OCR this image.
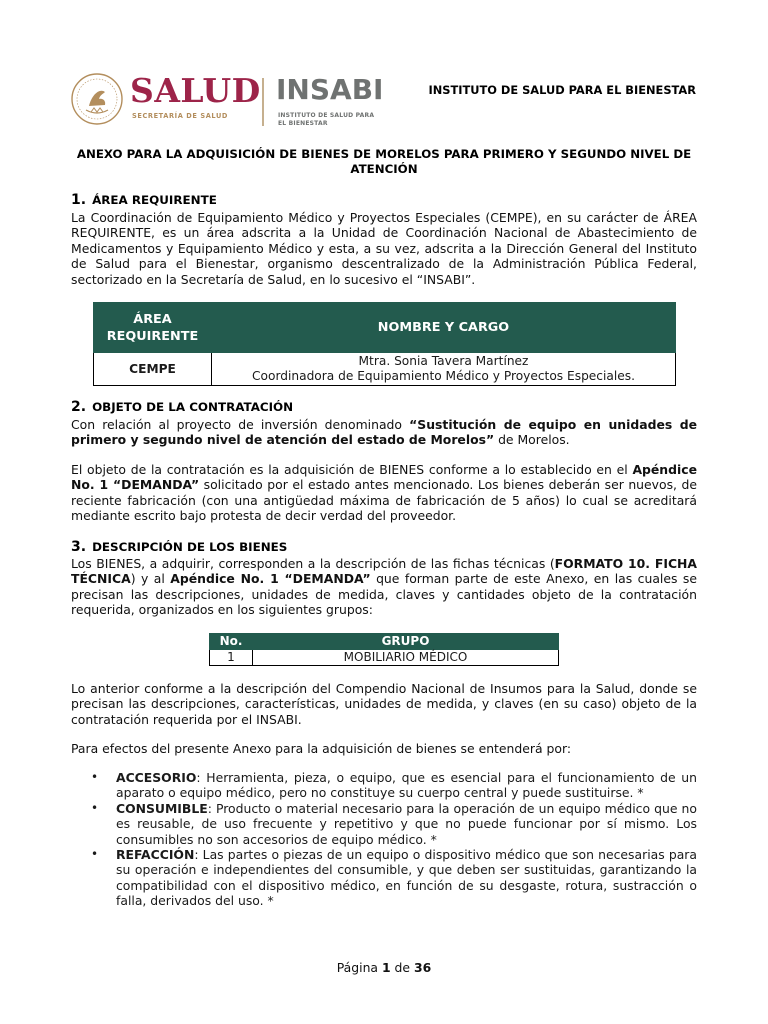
SALUD
SECRETARÍA DE SALUD
INSABI
INSTITUTO DE SALUD PARA
EL BIENESTAR
INSTITUTO DE SALUD PARA EL BIENESTAR
ANEXO PARA LA ADQUISICIÓN DE BIENES DE MORELOS PARA PRIMERO Y SEGUNDO NIVEL DE ATENCIÓN
1. ÁREA REQUIRENTE
La Coordinación de Equipamiento Médico y Proyectos Especiales (CEMPE), en su carácter de ÁREA REQUIRENTE, es un área adscrita a la Unidad de Coordinación Nacional de Abastecimiento de Medicamentos y Equipamiento Médico y esta, a su vez, adscrita a la Dirección General del Instituto de Salud para el Bienestar, organismo descentralizado de la Administración Pública Federal, sectorizado en la Secretaría de Salud, en lo sucesivo el “INSABI”.
ÁREA REQUIRENTE	NOMBRE Y CARGO
CEMPE	Mtra. Sonia Tavera Martínez
Coordinadora de Equipamiento Médico y Proyectos Especiales.
2. OBJETO DE LA CONTRATACIÓN
Con relación al proyecto de inversión denominado “Sustitución de equipo en unidades de primero y segundo nivel de atención del estado de Morelos” de Morelos.
El objeto de la contratación es la adquisición de BIENES conforme a lo establecido en el Apéndice No. 1 “DEMANDA” solicitado por el estado antes mencionado. Los bienes deberán ser nuevos, de reciente fabricación (con una antigüedad máxima de fabricación de 5 años) lo cual se acreditará mediante escrito bajo protesta de decir verdad del proveedor.
3. DESCRIPCIÓN DE LOS BIENES
Los BIENES, a adquirir, corresponden a la descripción de las fichas técnicas (FORMATO 10. FICHA TÉCNICA) y al Apéndice No. 1 “DEMANDA” que forman parte de este Anexo, en las cuales se precisan las descripciones, unidades de medida, claves y cantidades objeto de la contratación requerida, organizados en los siguientes grupos:
No.	GRUPO
1	MOBILIARIO MÉDICO
Lo anterior conforme a la descripción del Compendio Nacional de Insumos para la Salud, donde se precisan las descripciones, características, unidades de medida, y claves (en su caso) objeto de la contratación requerida por el INSABI.
Para efectos del presente Anexo para la adquisición de bienes se entenderá por:
• ACCESORIO: Herramienta, pieza, o equipo, que es esencial para el funcionamiento de un aparato o equipo médico, pero no constituye su cuerpo central y puede sustituirse. *
• CONSUMIBLE: Producto o material necesario para la operación de un equipo médico que no es reusable, de uso frecuente y repetitivo y que no puede funcionar por sí mismo. Los consumibles no son accesorios de equipo médico. *
• REFACCIÓN: Las partes o piezas de un equipo o dispositivo médico que son necesarias para su operación e independientes del consumible, y que deben ser sustituidas, garantizando la compatibilidad con el dispositivo médico, en función de su desgaste, rotura, sustracción o falla, derivados del uso. *
Página 1 de 36
